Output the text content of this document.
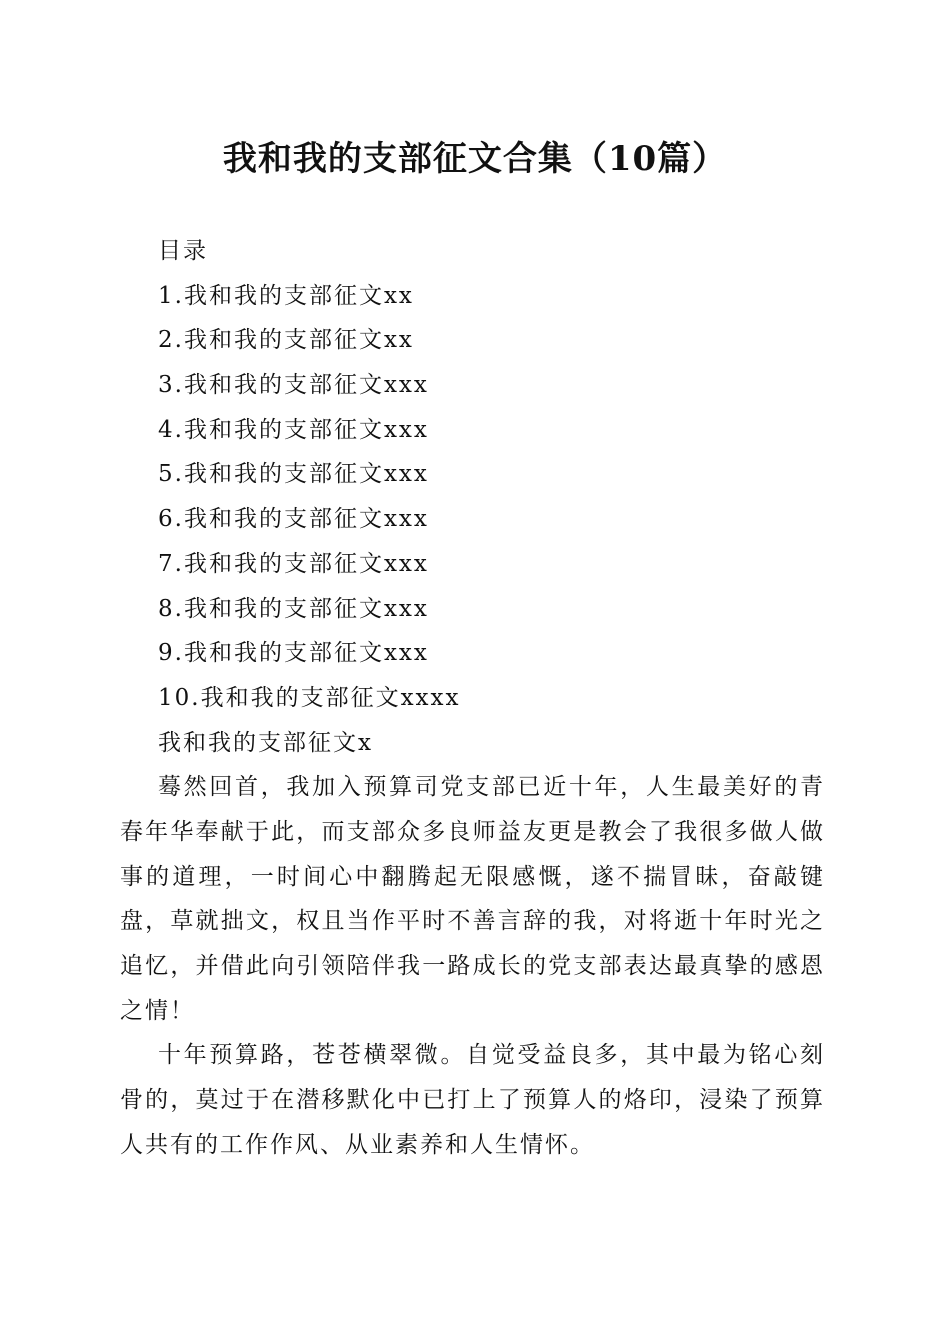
我和我的支部征文合集（10篇）

目录

1.我和我的支部征文xx

2.我和我的支部征文xx

3.我和我的支部征文xxx

4.我和我的支部征文xxx

5.我和我的支部征文xxx

6.我和我的支部征文xxx

7.我和我的支部征文xxx

8.我和我的支部征文xxx

9.我和我的支部征文xxx

10.我和我的支部征文xxxx

我和我的支部征文x

蓦然回首，我加入预算司党支部已近十年，人生最美好的青春年华奉献于此，而支部众多良师益友更是教会了我很多做人做事的道理，一时间心中翻腾起无限感慨，遂不揣冒昧，奋敲键盘，草就拙文，权且当作平时不善言辞的我，对将逝十年时光之追忆，并借此向引领陪伴我一路成长的党支部表达最真挚的感恩之情！

十年预算路，苍苍横翠微。自觉受益良多，其中最为铭心刻骨的，莫过于在潜移默化中已打上了预算人的烙印，浸染了预算人共有的工作作风、从业素养和人生情怀。
